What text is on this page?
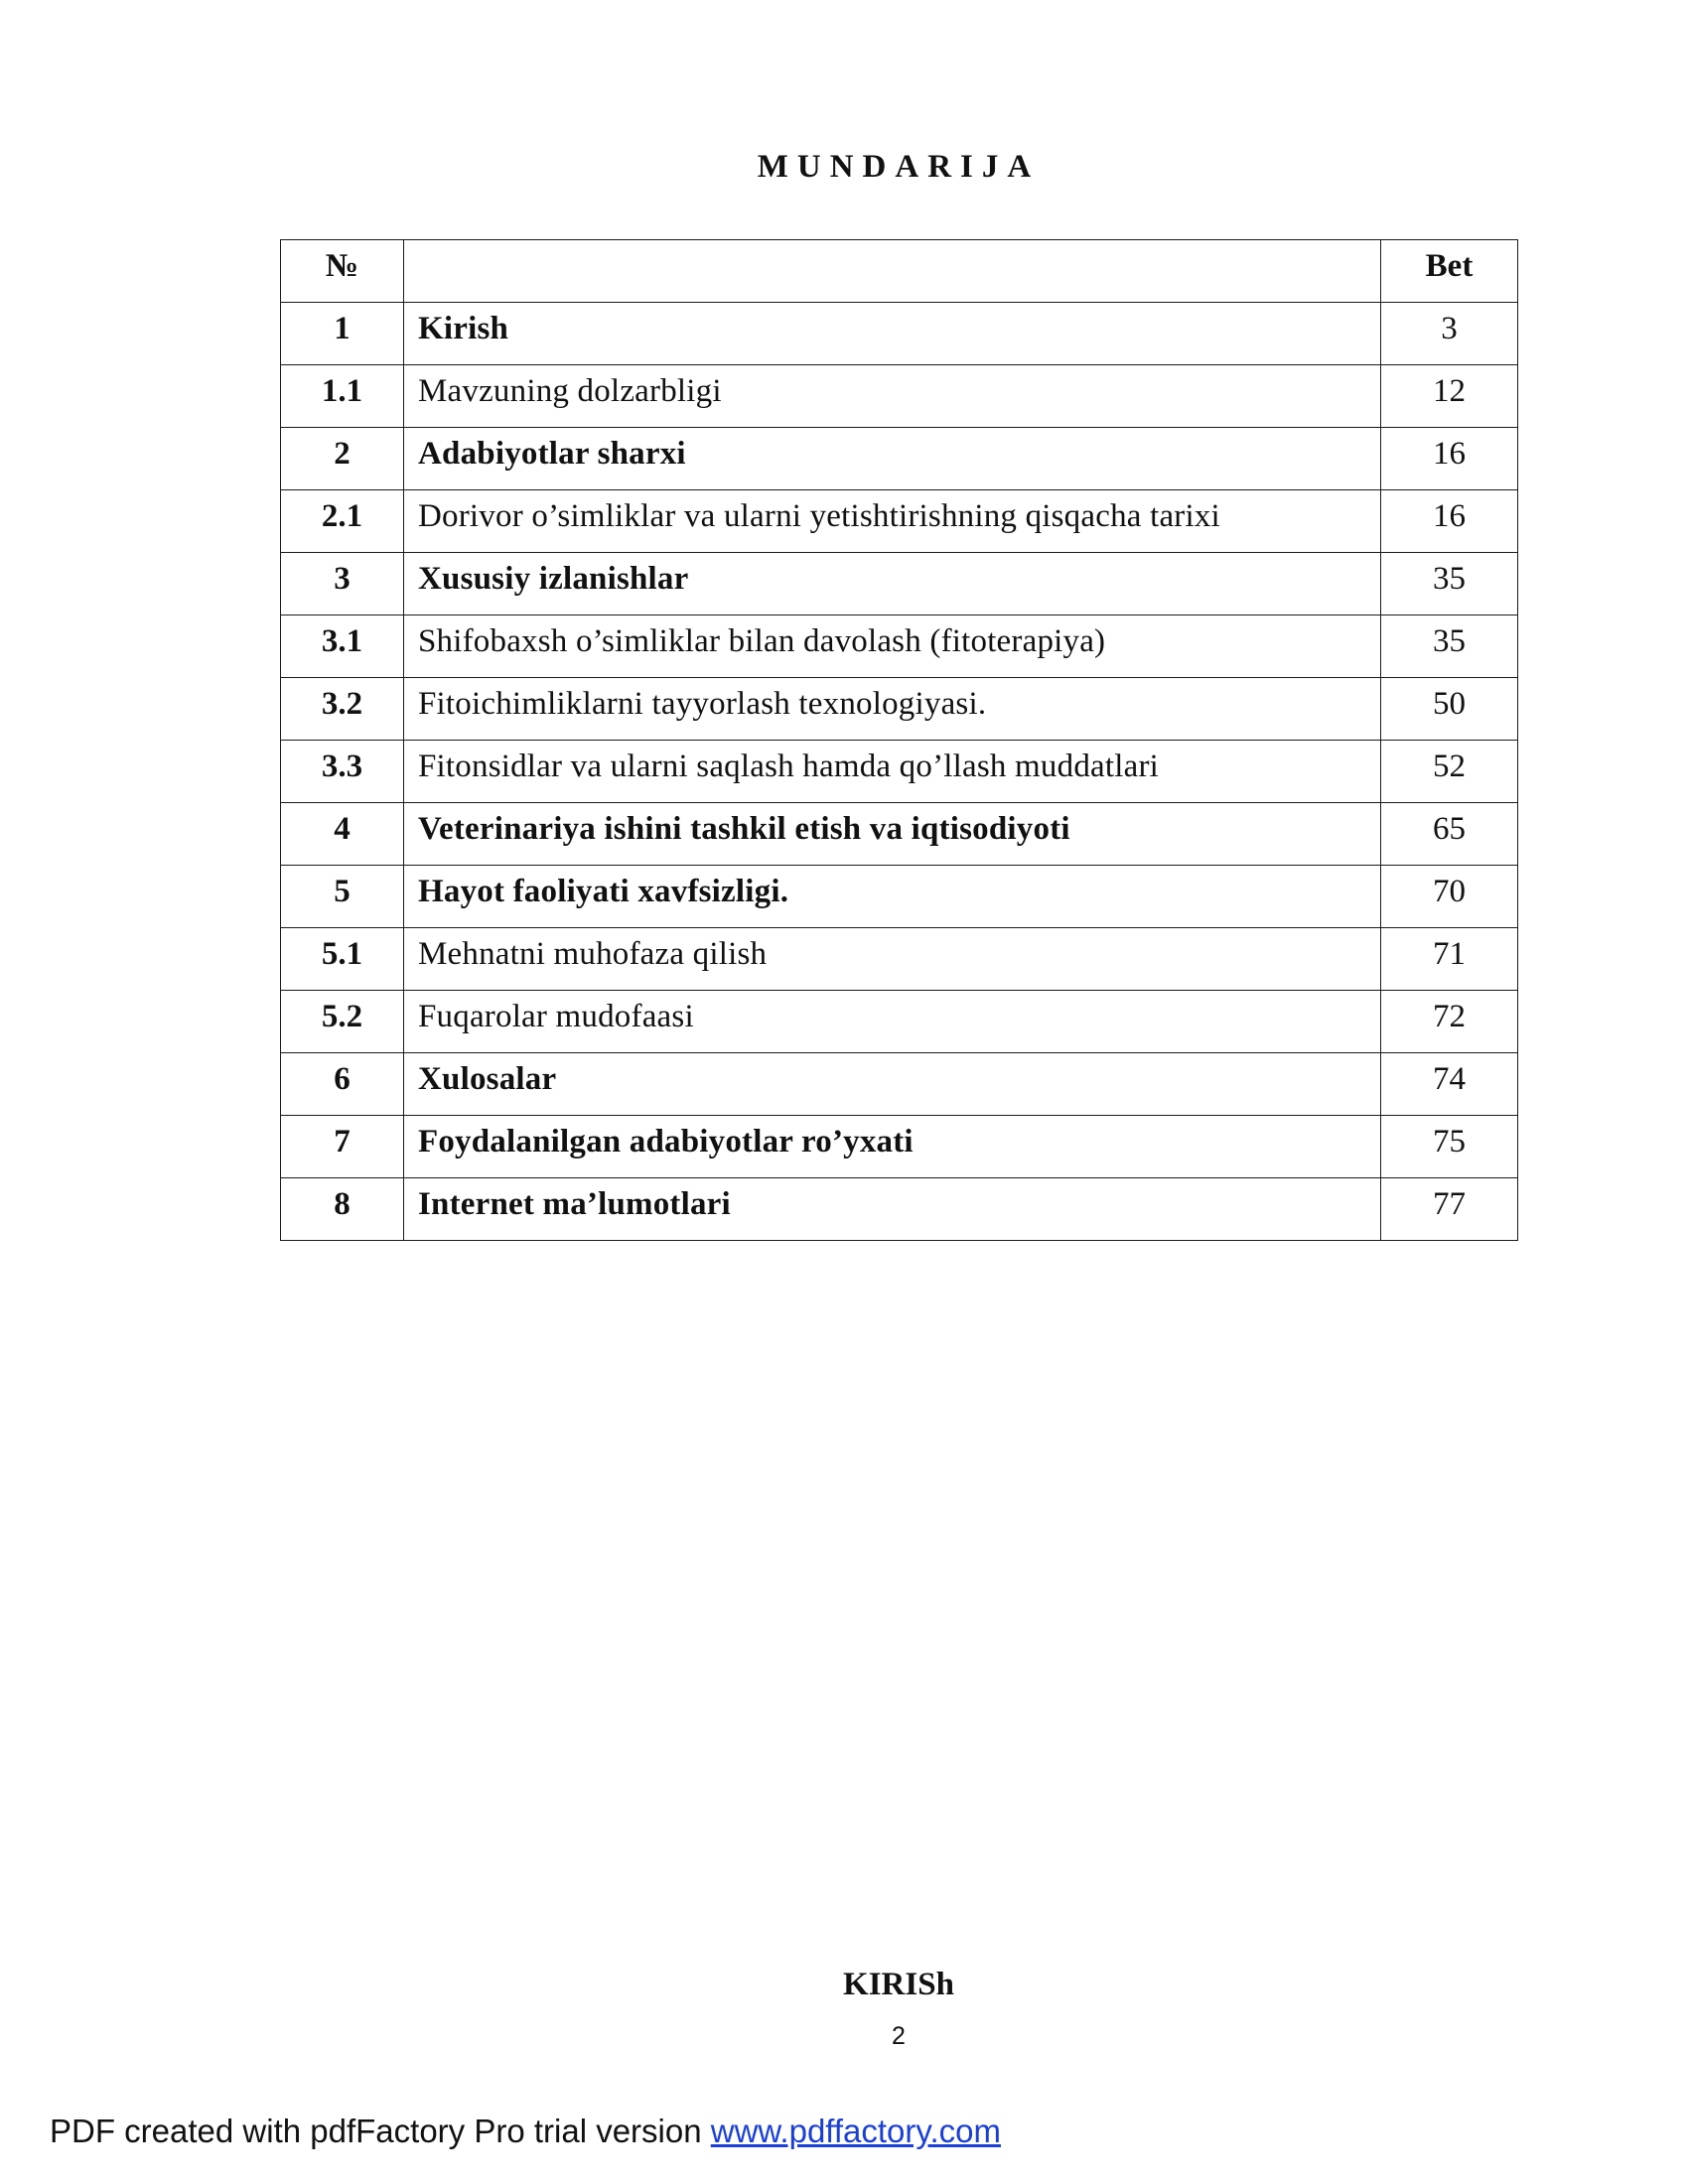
MUNDARIJA
№		Bet

1	Kirish	3

1.1	Mavzuning dolzarbligi	12

2	Adabiyotlar sharxi	16

2.1	Dorivor o’simliklar va ularni yetishtirishning qisqacha tarixi	16

3	Xususiy izlanishlar	35

3.1	Shifobaxsh o’simliklar bilan davolash (fitoterapiya)	35

3.2	Fitoichimliklarni tayyorlash texnologiyasi.	50

3.3	Fitonsidlar va ularni saqlash hamda qo’llash muddatlari	52

4	Veterinariya ishini tashkil etish va iqtisodiyoti	65

5	Hayot faoliyati xavfsizligi.	70

5.1	Mehnatni muhofaza qilish	71

5.2	Fuqarolar mudofaasi	72

6	Xulosalar	74

7	Foydalanilgan adabiyotlar ro’yxati	75

8	Internet ma’lumotlari	77
KIRISh
2
PDF created with pdfFactory Pro trial version www.pdffactory.com
